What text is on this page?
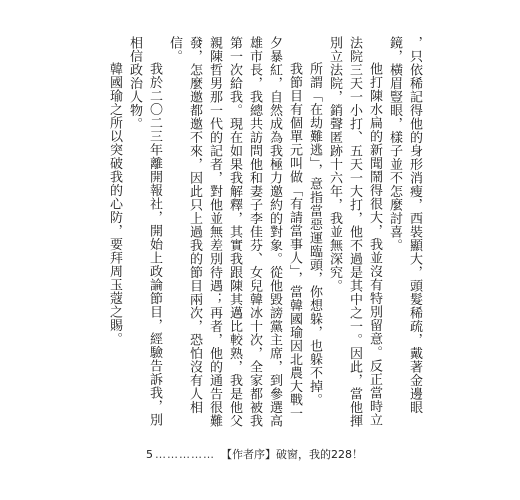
，只依稀記得他的身形消瘦，西裝顯大，頭髮稀疏，戴著金邊眼鏡，橫眉豎眼，樣子並不怎麼討喜。

他打陳水扁的新聞鬧得很大，我並沒有特別留意。反正當時立法院三天一小打、五天一大打，他不過是其中之一。因此，當他揮別立法院，銷聲匿跡十六年，我並無深究。

所謂「在劫難逃」，意指當惡運臨頭，你想躲，也躲不掉。

我節目有個單元叫做「有請當事人」，當韓國瑜因北農大戰一夕暴紅，自然成為我極力邀約的對象。從他毀謗黨主席，到參選高雄市長，我總共訪問他和妻子李佳芬、女兒韓冰十次，全家都被我第一次給我。現在如果我解釋，其實我跟陳其邁比較熟，我是他父親陳哲男那一代的記者，對他並無差別待遇；再者，他的通告很難發，怎麼邀都邀不來，因此只上過我的節目兩次，恐怕沒有人相信。

我於二〇二三年離開報社，開始上政論節目，經驗告訴我，別相信政治人物。

韓國瑜之所以突破我的心防，要拜周玉蔻之賜。

5 …………… 【作者序】破窗，我的228！
